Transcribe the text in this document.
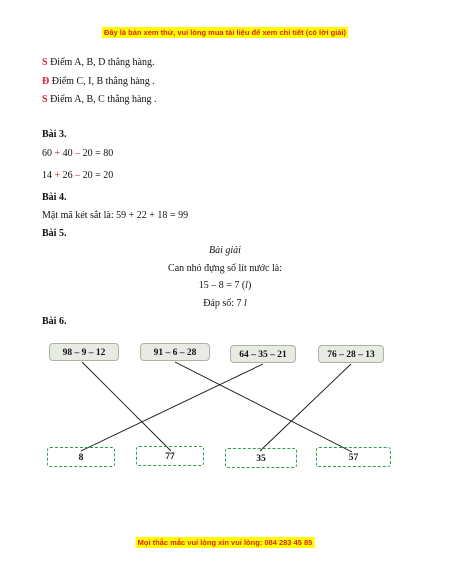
Đây là bản xem thử, vui lòng mua tài liệu để xem chi tiết (có lời giải)
S Điểm A, B, D thẳng hàng.
Đ Điểm C, I, B thẳng hàng .
S Điểm A, B, C thẳng hàng .
Bài 3.
60 + 40 – 20 = 80
14 + 26 – 20 = 20
Bài 4.
Mật mã két sắt là: 59 + 22 + 18 = 99
Bài 5.
Bài giải
Can nhỏ đựng số lít nước là:
15 – 8 = 7 (l)
Đáp số: 7 l
Bài 6.
98 – 9 – 12	91 – 6 – 28	64 – 35 – 21	76 – 28 – 13
8	77	35	57
Mọi thắc mắc vui lòng xin vui lòng: 084 283 45 85
